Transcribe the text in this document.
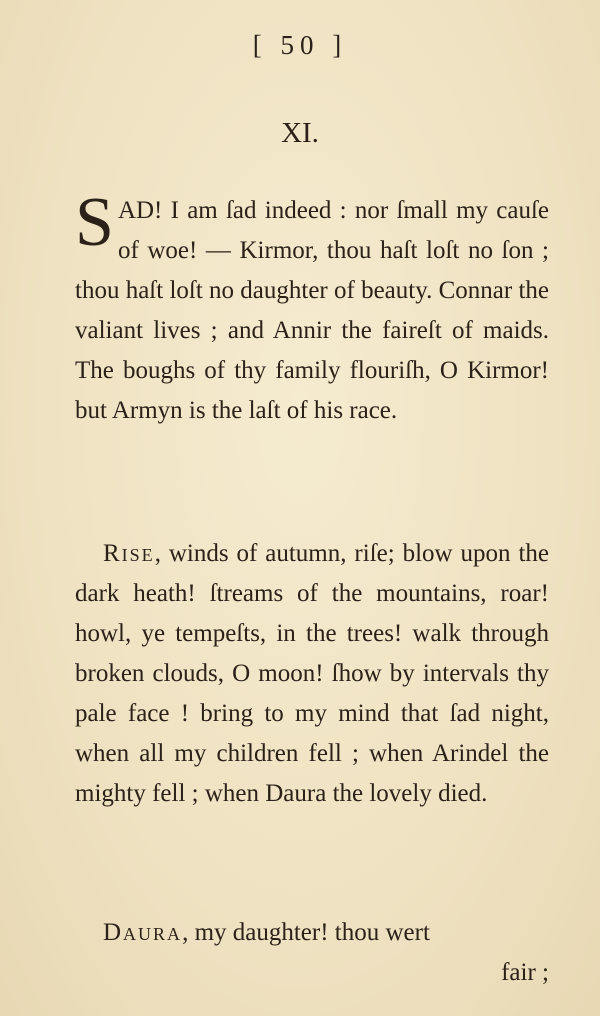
[ 50 ]
XI.

SAD! I am ſad indeed : nor ſmall my cauſe of woe! — Kirmor, thou haſt loſt no ſon ; thou haſt loſt no daughter of beauty. Connar the valiant lives ; and Annir the faireſt of maids. The boughs of thy family flouriſh, O Kirmor! but Armyn is the laſt of his race.

Rise, winds of autumn, riſe; blow upon the dark heath! ſtreams of the mountains, roar! howl, ye tempeſts, in the trees! walk through broken clouds, O moon! ſhow by intervals thy pale face ! bring to my mind that ſad night, when all my children fell ; when Arindel the mighty fell ; when Daura the lovely died.

Daura, my daughter! thou wert
fair ;
